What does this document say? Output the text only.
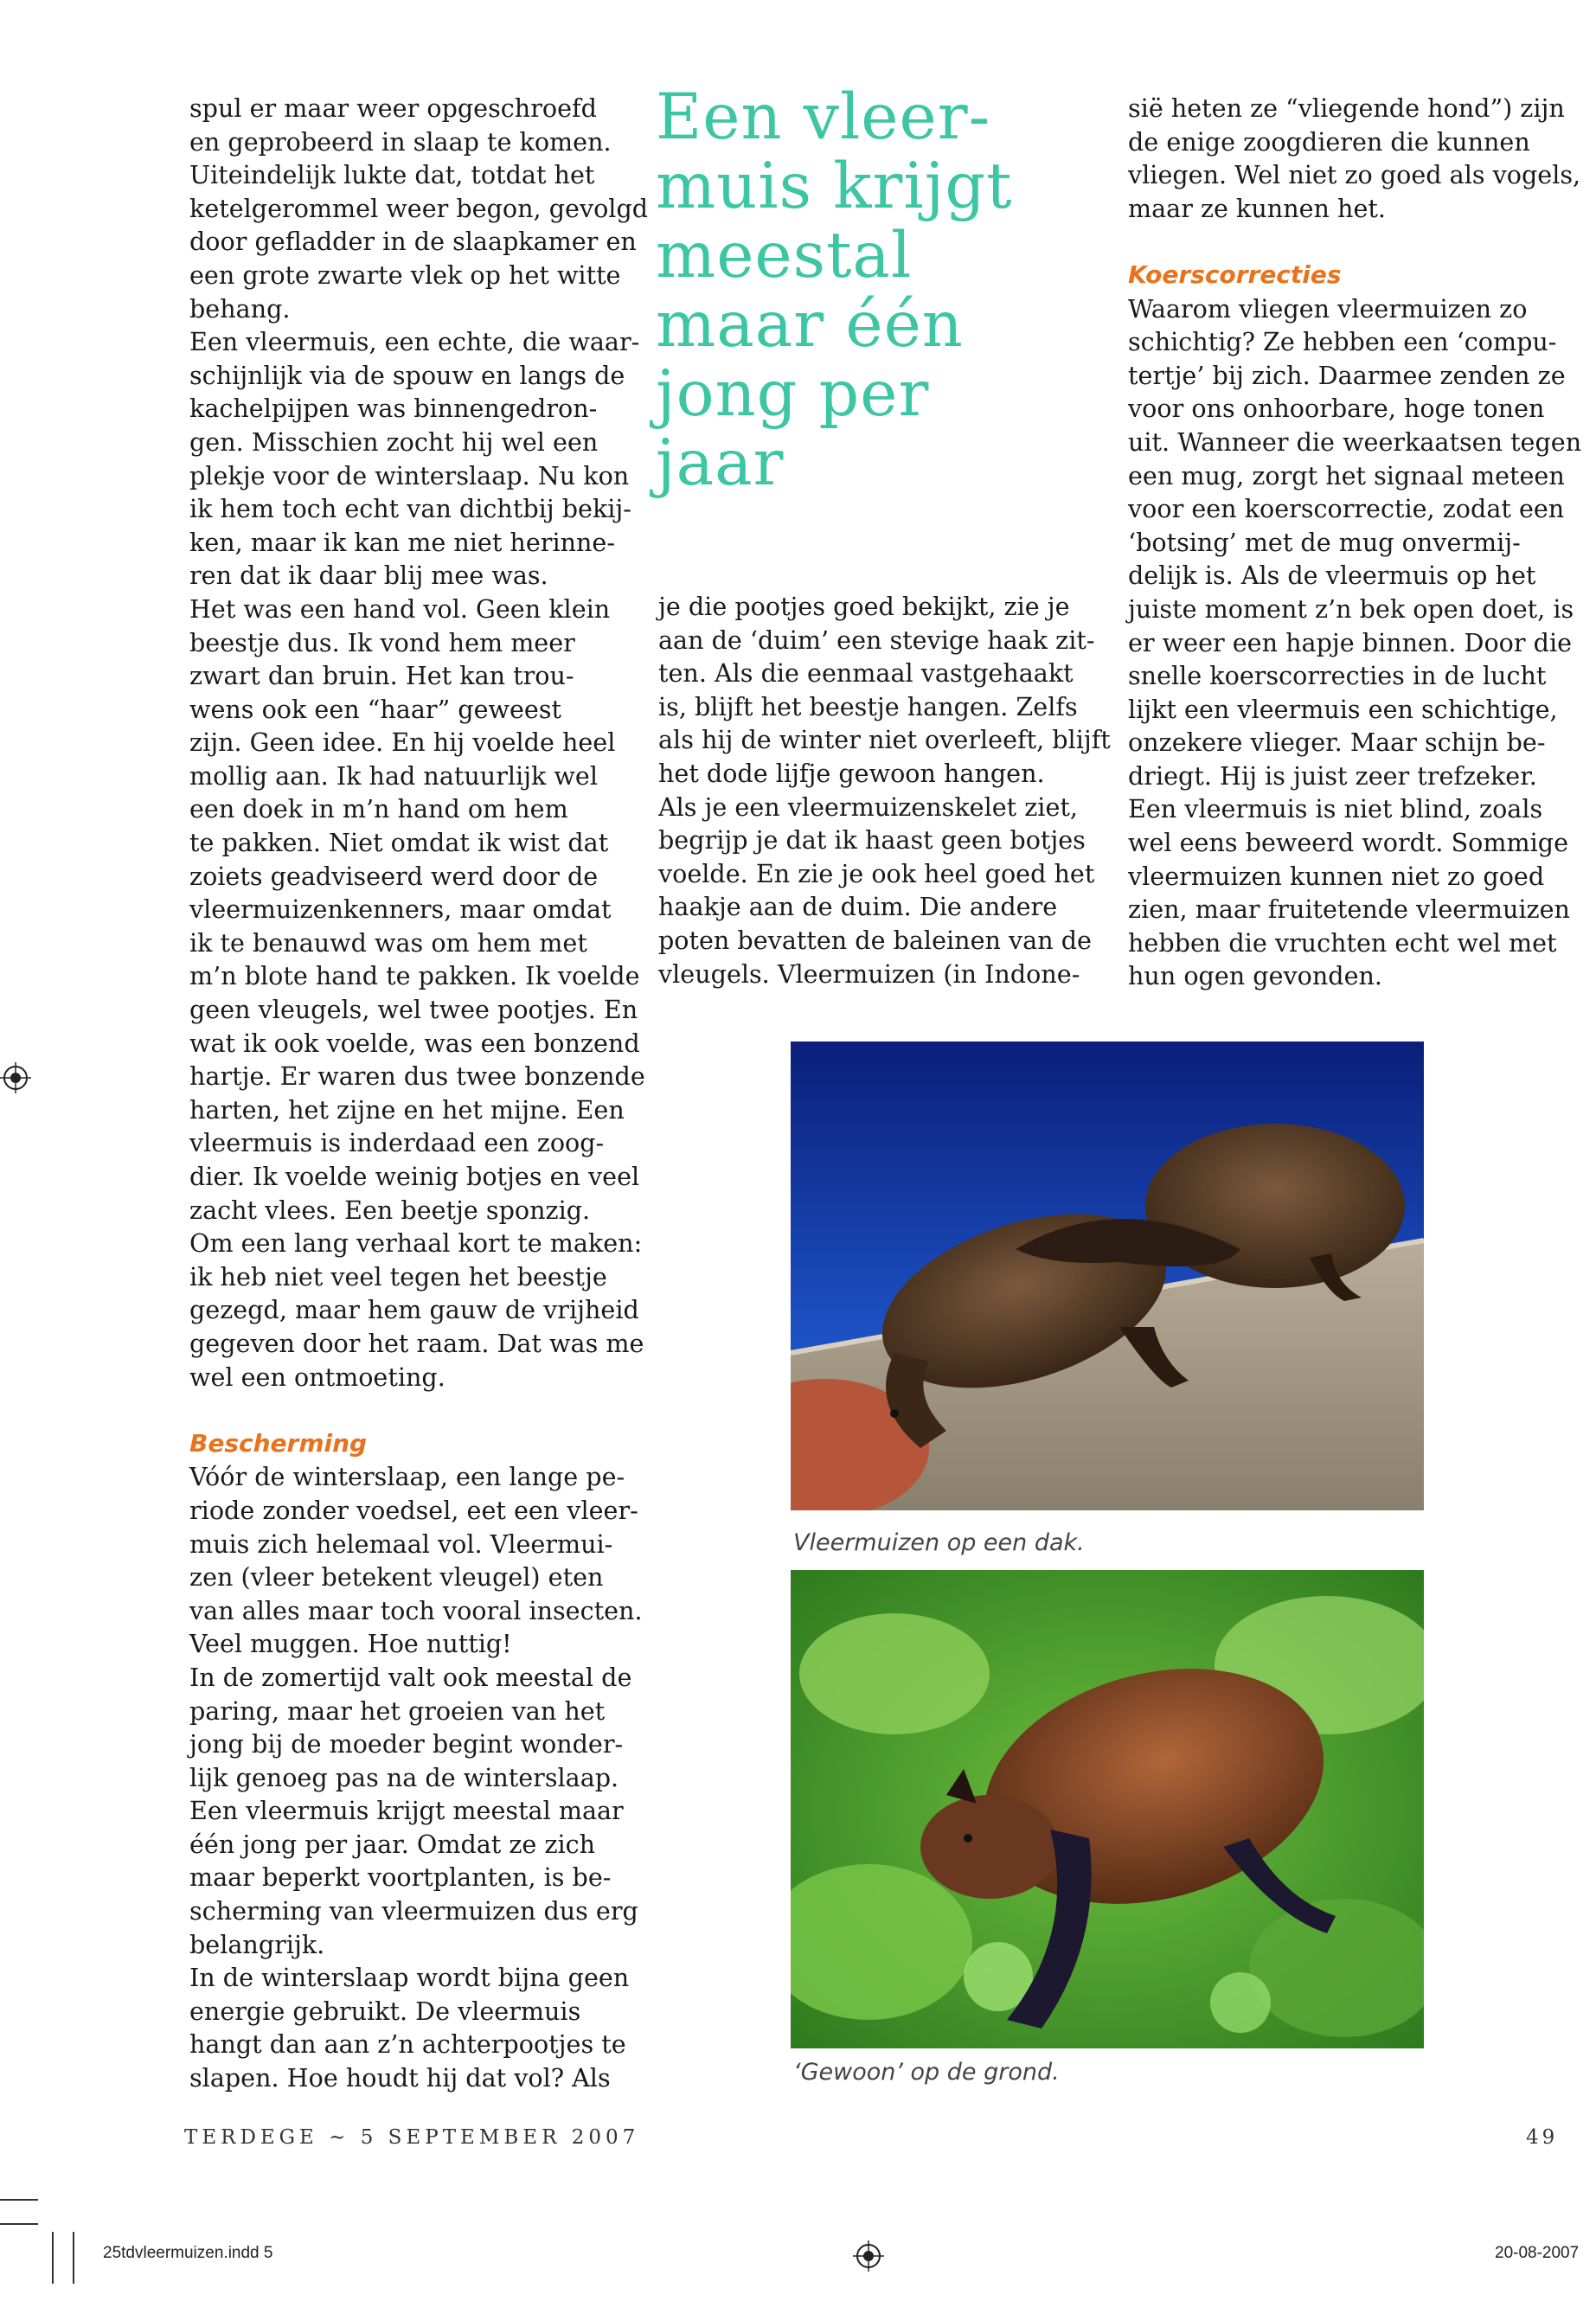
spul er maar weer opgeschroefd
en geprobeerd in slaap te komen.
Uiteindelijk lukte dat, totdat het
ketelgerommel weer begon, gevolgd
door gefladder in de slaapkamer en
een grote zwarte vlek op het witte
behang.
Een vleermuis, een echte, die waar-
schijnlijk via de spouw en langs de
kachelpijpen was binnengedron-
gen. Misschien zocht hij wel een
plekje voor de winterslaap. Nu kon
ik hem toch echt van dichtbij bekij-
ken, maar ik kan me niet herinne-
ren dat ik daar blij mee was.
Het was een hand vol. Geen klein
beestje dus. Ik vond hem meer
zwart dan bruin. Het kan trou-
wens ook een “haar” geweest
zijn. Geen idee. En hij voelde heel
mollig aan. Ik had natuurlijk wel
een doek in m’n hand om hem
te pakken. Niet omdat ik wist dat
zoiets geadviseerd werd door de
vleermuizenkenners, maar omdat
ik te benauwd was om hem met
m’n blote hand te pakken. Ik voelde
geen vleugels, wel twee pootjes. En
wat ik ook voelde, was een bonzend
hartje. Er waren dus twee bonzende
harten, het zijne en het mijne. Een
vleermuis is inderdaad een zoog-
dier. Ik voelde weinig botjes en veel
zacht vlees. Een beetje sponzig.
Om een lang verhaal kort te maken:
ik heb niet veel tegen het beestje
gezegd, maar hem gauw de vrijheid
gegeven door het raam. Dat was me
wel een ontmoeting.
Bescherming
Vóór de winterslaap, een lange pe-
riode zonder voedsel, eet een vleer-
muis zich helemaal vol. Vleermui-
zen (vleer betekent vleugel) eten
van alles maar toch vooral insecten.
Veel muggen. Hoe nuttig!
In de zomertijd valt ook meestal de
paring, maar het groeien van het
jong bij de moeder begint wonder-
lijk genoeg pas na de winterslaap.
Een vleermuis krijgt meestal maar
één jong per jaar. Omdat ze zich
maar beperkt voortplanten, is be-
scherming van vleermuizen dus erg
belangrijk.
In de winterslaap wordt bijna geen
energie gebruikt. De vleermuis
hangt dan aan z’n achterpootjes te
slapen. Hoe houdt hij dat vol? Als
Een vleer-
muis krijgt
meestal
maar één
jong per
jaar
je die pootjes goed bekijkt, zie je
aan de ‘duim’ een stevige haak zit-
ten. Als die eenmaal vastgehaakt
is, blijft het beestje hangen. Zelfs
als hij de winter niet overleeft, blijft
het dode lijfje gewoon hangen.
Als je een vleermuizenskelet ziet,
begrijp je dat ik haast geen botjes
voelde. En zie je ook heel goed het
haakje aan de duim. Die andere
poten bevatten de baleinen van de
vleugels. Vleermuizen (in Indone-
sië heten ze “vliegende hond”) zijn
de enige zoogdieren die kunnen
vliegen. Wel niet zo goed als vogels,
maar ze kunnen het.
Koerscorrecties
Waarom vliegen vleermuizen zo
schichtig? Ze hebben een ‘compu-
tertje’ bij zich. Daarmee zenden ze
voor ons onhoorbare, hoge tonen
uit. Wanneer die weerkaatsen tegen
een mug, zorgt het signaal meteen
voor een koerscorrectie, zodat een
‘botsing’ met de mug onvermij-
delijk is. Als de vleermuis op het
juiste moment z’n bek open doet, is
er weer een hapje binnen. Door die
snelle koerscorrecties in de lucht
lijkt een vleermuis een schichtige,
onzekere vlieger. Maar schijn be-
driegt. Hij is juist zeer trefzeker.
Een vleermuis is niet blind, zoals
wel eens beweerd wordt. Sommige
vleermuizen kunnen niet zo goed
zien, maar fruitetende vleermuizen
hebben die vruchten echt wel met
hun ogen gevonden.
Vleermuizen op een dak.
‘Gewoon’ op de grond.
TERDEGE ~ 5 SEPTEMBER 2007	49
25tdvleermuizen.indd 5	20-08-2007
